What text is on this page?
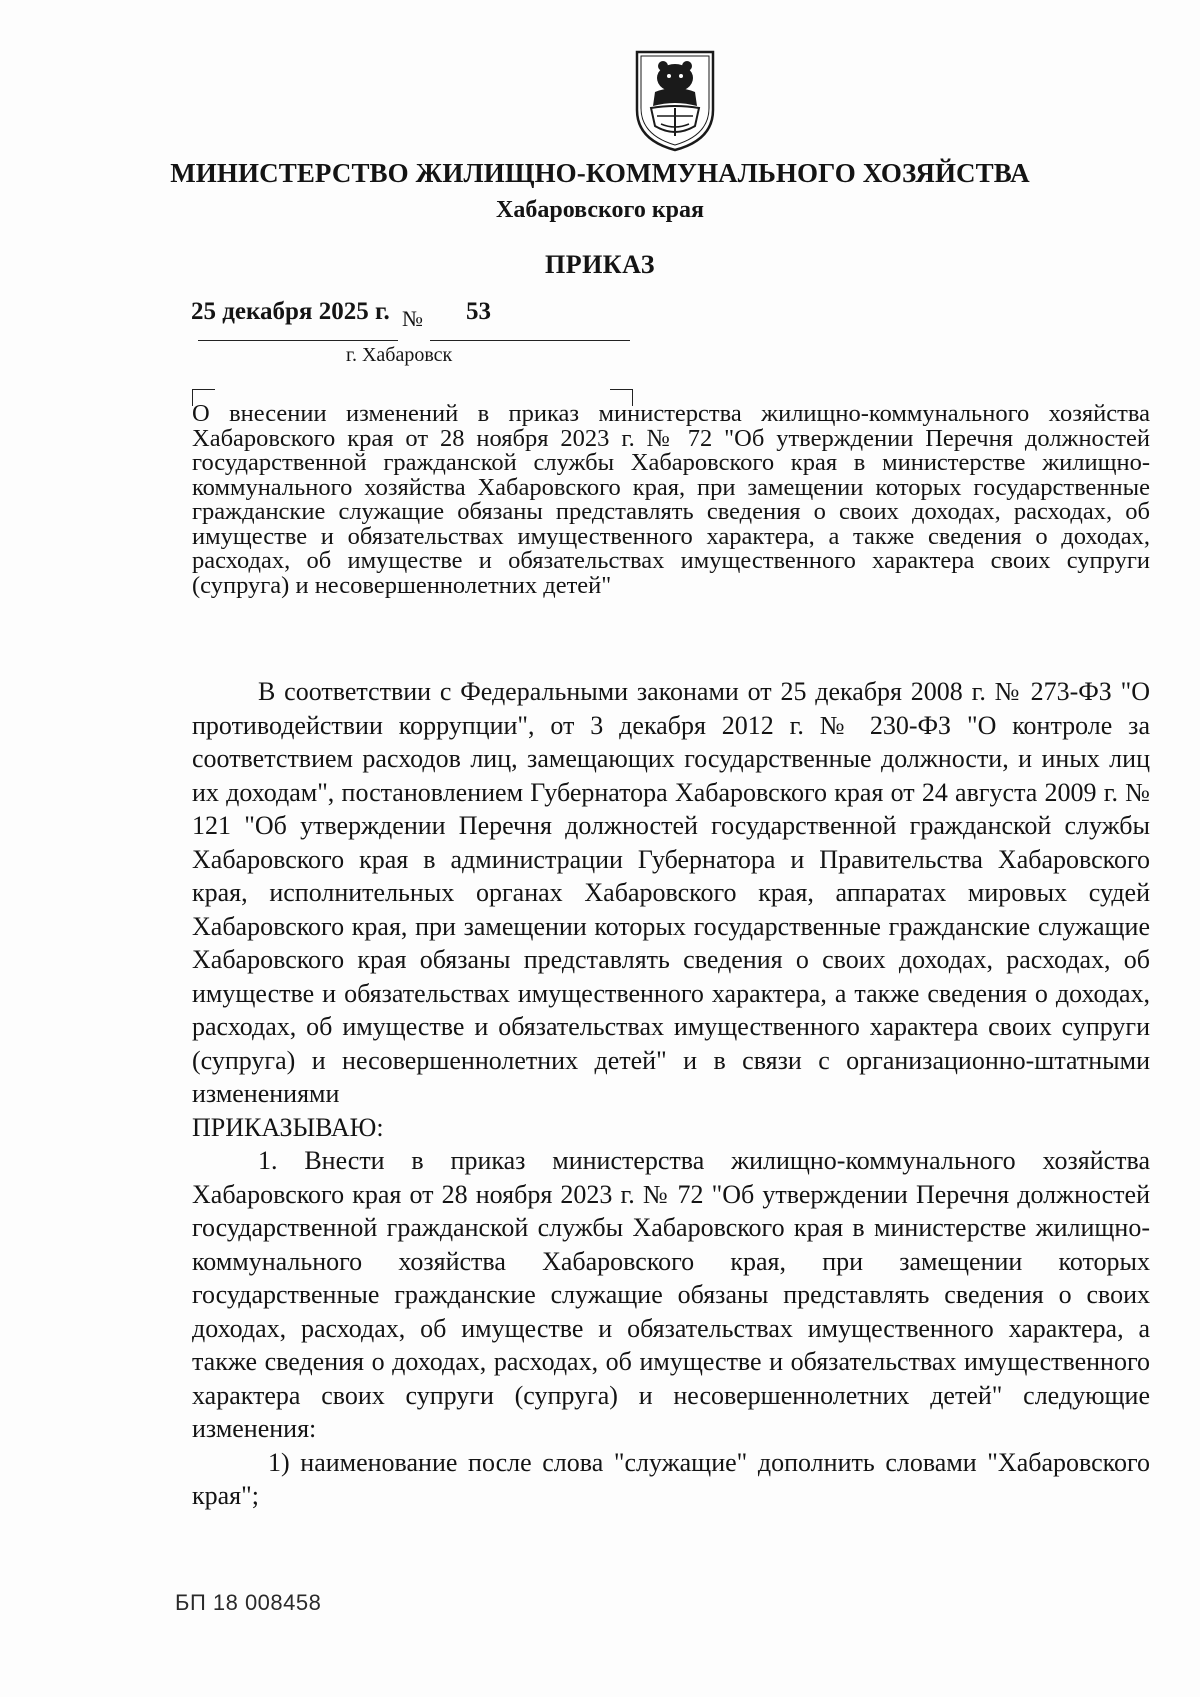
МИНИСТЕРСТВО ЖИЛИЩНО-КОММУНАЛЬНОГО ХОЗЯЙСТВА
Хабаровского края
ПРИКАЗ
25 декабря 2025 г. № 53
г. Хабаровск
О внесении изменений в приказ министерства жилищно-коммунального хозяйства Хабаровского края от 28 ноября 2023 г. № 72 "Об утверждении Перечня должностей государственной гражданской службы Хабаровского края в министерстве жилищно-коммунального хозяйства Хабаровского края, при замещении которых государственные гражданские служащие обязаны представлять сведения о своих доходах, расходах, об имуществе и обязательствах имущественного характера, а также сведения о доходах, расходах, об имуществе и обязательствах имущественного характера своих супруги (супруга) и несовершеннолетних детей"

В соответствии с Федеральными законами от 25 декабря 2008 г. № 273-ФЗ "О противодействии коррупции", от 3 декабря 2012 г. № 230-ФЗ "О контроле за соответствием расходов лиц, замещающих государственные должности, и иных лиц их доходам", постановлением Губернатора Хабаровского края от 24 августа 2009 г. № 121 "Об утверждении Перечня должностей государственной гражданской службы Хабаровского края в администрации Губернатора и Правительства Хабаровского края, исполнительных органах Хабаровского края, аппаратах мировых судей Хабаровского края, при замещении которых государственные гражданские служащие Хабаровского края обязаны представлять сведения о своих доходах, расходах, об имуществе и обязательствах имущественного характера, а также сведения о доходах, расходах, об имуществе и обязательствах имущественного характера своих супруги (супруга) и несовершеннолетних детей" и в связи с организационно-штатными изменениями

ПРИКАЗЫВАЮ:

1. Внести в приказ министерства жилищно-коммунального хозяйства Хабаровского края от 28 ноября 2023 г. № 72 "Об утверждении Перечня должностей государственной гражданской службы Хабаровского края в министерстве жилищно-коммунального хозяйства Хабаровского края, при замещении которых государственные гражданские служащие обязаны представлять сведения о своих доходах, расходах, об имуществе и обязательствах имущественного характера, а также сведения о доходах, расходах, об имуществе и обязательствах имущественного характера своих супруги (супруга) и несовершеннолетних детей" следующие изменения:

1) наименование после слова "служащие" дополнить словами "Хабаровского края";

БП 18 008458
